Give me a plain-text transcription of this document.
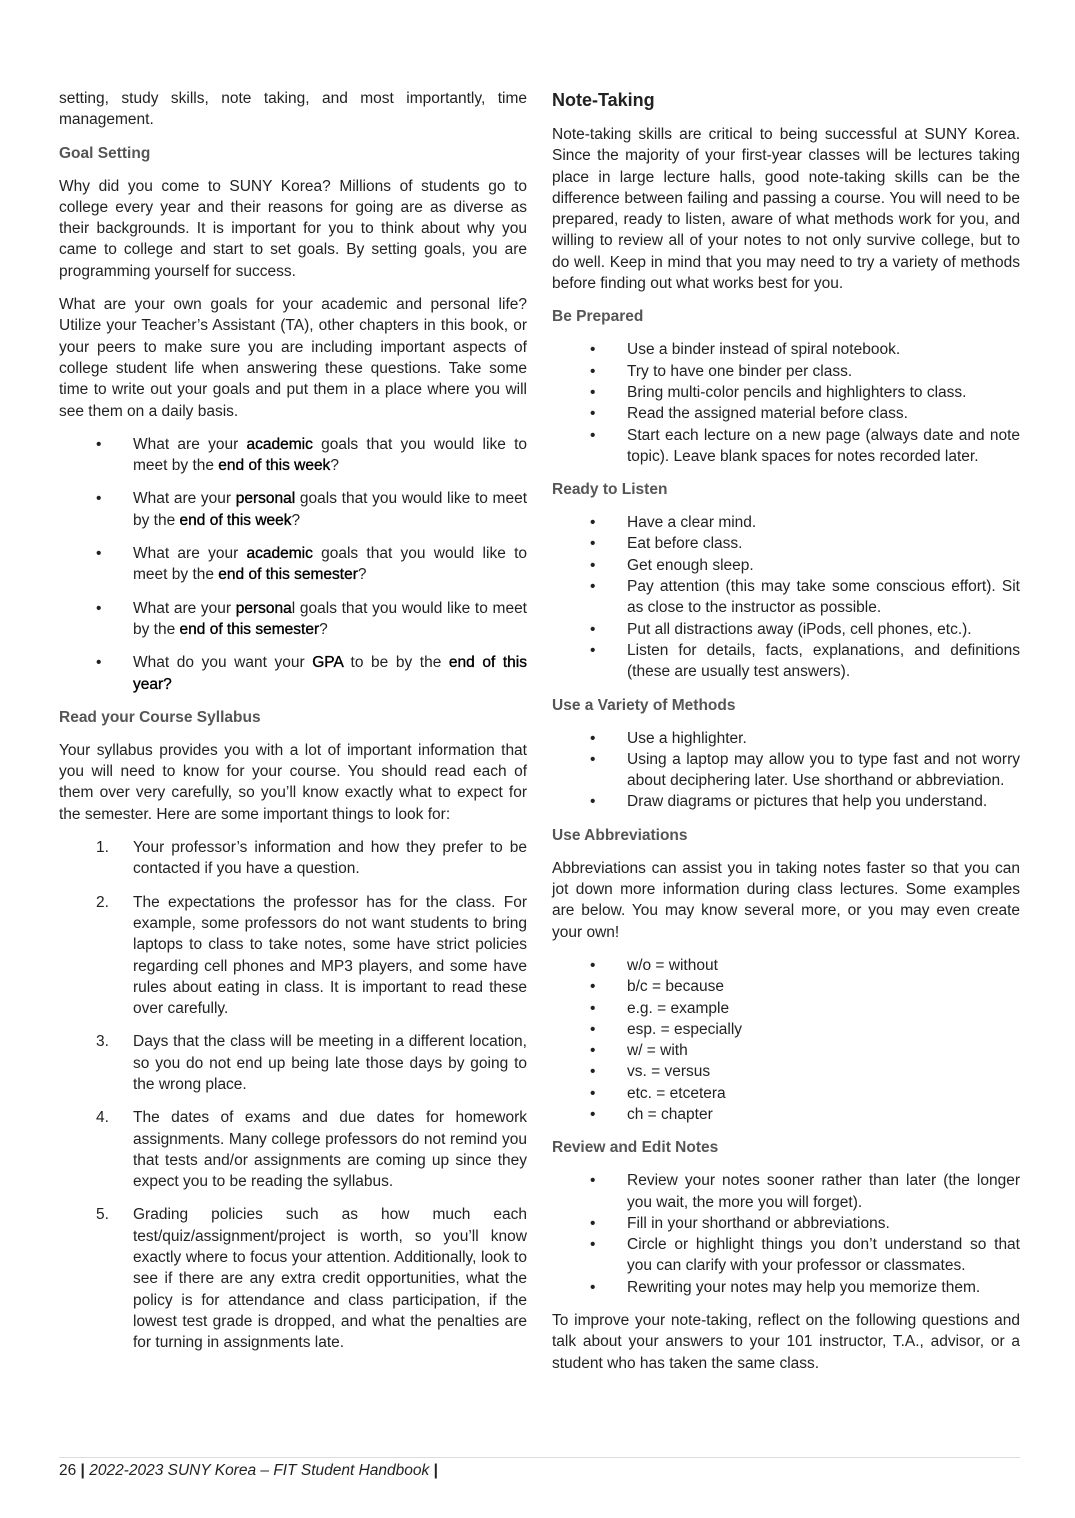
setting, study skills, note taking, and most importantly, time management.

Goal Setting

Why did you come to SUNY Korea? Millions of students go to college every year and their reasons for going are as diverse as their backgrounds. It is important for you to think about why you came to college and start to set goals. By setting goals, you are programming yourself for success.

What are your own goals for your academic and personal life? Utilize your Teacher’s Assistant (TA), other chapters in this book, or your peers to make sure you are including important aspects of college student life when answering these questions. Take some time to write out your goals and put them in a place where you will see them on a daily basis.

• What are your academic goals that you would like to meet by the end of this week?
• What are your personal goals that you would like to meet by the end of this week?
• What are your academic goals that you would like to meet by the end of this semester?
• What are your personal goals that you would like to meet by the end of this semester?
• What do you want your GPA to be by the end of this year?
Read your Course Syllabus

Your syllabus provides you with a lot of important information that you will need to know for your course. You should read each of them over very carefully, so you’ll know exactly what to expect for the semester. Here are some important things to look for:

1. Your professor’s information and how they prefer to be contacted if you have a question.
2. The expectations the professor has for the class. For example, some professors do not want students to bring laptops to class to take notes, some have strict policies regarding cell phones and MP3 players, and some have rules about eating in class. It is important to read these over carefully.
3. Days that the class will be meeting in a different location, so you do not end up being late those days by going to the wrong place.
4. The dates of exams and due dates for homework assignments. Many college professors do not remind you that tests and/or assignments are coming up since they expect you to be reading the syllabus.
5. Grading policies such as how much each test/quiz/assignment/project is worth, so you’ll know exactly where to focus your attention. Additionally, look to see if there are any extra credit opportunities, what the policy is for attendance and class participation, if the lowest test grade is dropped, and what the penalties are for turning in assignments late.
Note-Taking

Note-taking skills are critical to being successful at SUNY Korea. Since the majority of your first-year classes will be lectures taking place in large lecture halls, good note-taking skills can be the difference between failing and passing a course. You will need to be prepared, ready to listen, aware of what methods work for you, and willing to review all of your notes to not only survive college, but to do well. Keep in mind that you may need to try a variety of methods before finding out what works best for you.

Be Prepared
• Use a binder instead of spiral notebook.
• Try to have one binder per class.
• Bring multi-color pencils and highlighters to class.
• Read the assigned material before class.
• Start each lecture on a new page (always date and note topic). Leave blank spaces for notes recorded later.
Ready to Listen
• Have a clear mind.
• Eat before class.
• Get enough sleep.
• Pay attention (this may take some conscious effort). Sit as close to the instructor as possible.
• Put all distractions away (iPods, cell phones, etc.).
• Listen for details, facts, explanations, and definitions (these are usually test answers).
Use a Variety of Methods
• Use a highlighter.
• Using a laptop may allow you to type fast and not worry about deciphering later. Use shorthand or abbreviation.
• Draw diagrams or pictures that help you understand.
Use Abbreviations

Abbreviations can assist you in taking notes faster so that you can jot down more information during class lectures. Some examples are below. You may know several more, or you may even create your own!

• w/o = without
• b/c = because
• e.g. = example
• esp. = especially
• w/ = with
• vs. = versus
• etc. = etcetera
• ch = chapter
Review and Edit Notes
• Review your notes sooner rather than later (the longer you wait, the more you will forget).
• Fill in your shorthand or abbreviations.
• Circle or highlight things you don’t understand so that you can clarify with your professor or classmates.
• Rewriting your notes may help you memorize them.

To improve your note-taking, reflect on the following questions and talk about your answers to your 101 instructor, T.A., advisor, or a student who has taken the same class.

26 | 2022-2023 SUNY Korea – FIT Student Handbook |
